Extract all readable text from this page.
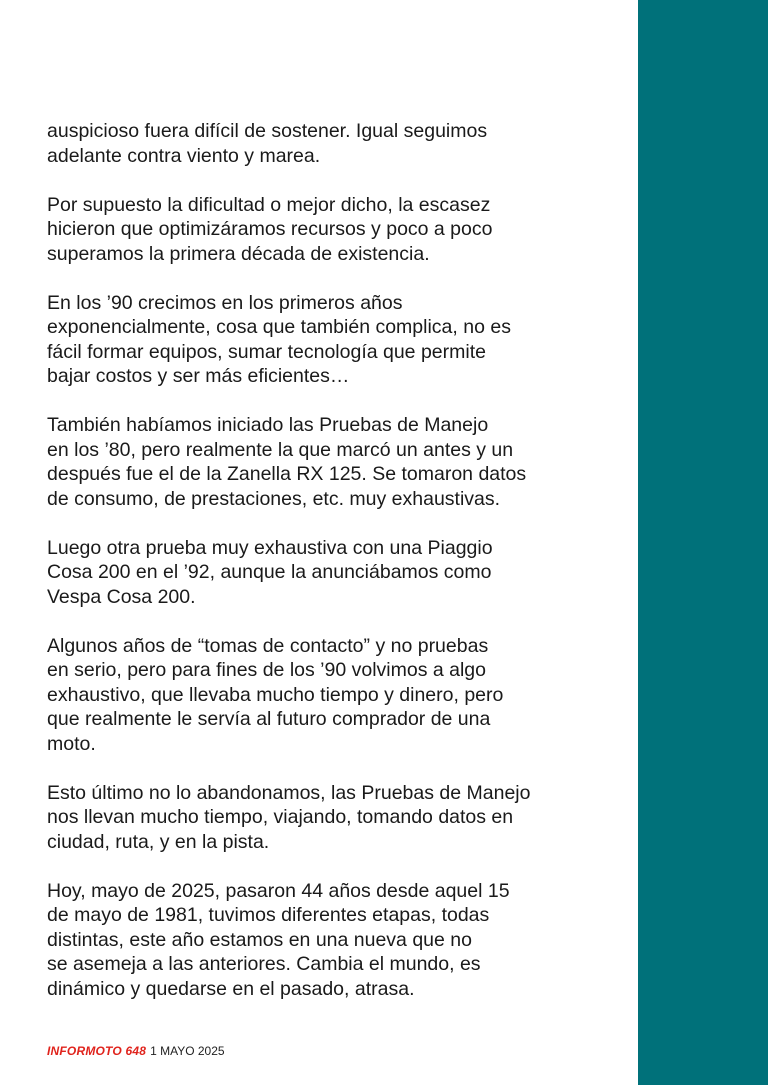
auspicioso fuera difícil de sostener. Igual seguimos
adelante contra viento y marea.

Por supuesto la dificultad o mejor dicho, la escasez
hicieron que optimizáramos recursos y poco a poco
superamos la primera década de existencia.

En los ’90 crecimos en los primeros años
exponencialmente, cosa que también complica, no es
fácil formar equipos, sumar tecnología que permite
bajar costos y ser más eficientes…

También habíamos iniciado las Pruebas de Manejo
en los ’80, pero realmente la que marcó un antes y un
después fue el de la Zanella RX 125. Se tomaron datos
de consumo, de prestaciones, etc. muy exhaustivas.

Luego otra prueba muy exhaustiva con una Piaggio
Cosa 200 en el ’92, aunque la anunciábamos como
Vespa Cosa 200.

Algunos años de “tomas de contacto” y no pruebas
en serio, pero para fines de los ’90 volvimos a algo
exhaustivo, que llevaba mucho tiempo y dinero, pero
que realmente le servía al futuro comprador de una
moto.

Esto último no lo abandonamos, las Pruebas de Manejo
nos llevan mucho tiempo, viajando, tomando datos en
ciudad, ruta, y en la pista.

Hoy, mayo de 2025, pasaron 44 años desde aquel 15
de mayo de 1981, tuvimos diferentes etapas, todas
distintas, este año estamos en una nueva que no
se asemeja a las anteriores. Cambia el mundo, es
dinámico y quedarse en el pasado, atrasa.

INFORMOTO 648 1 MAYO 2025
